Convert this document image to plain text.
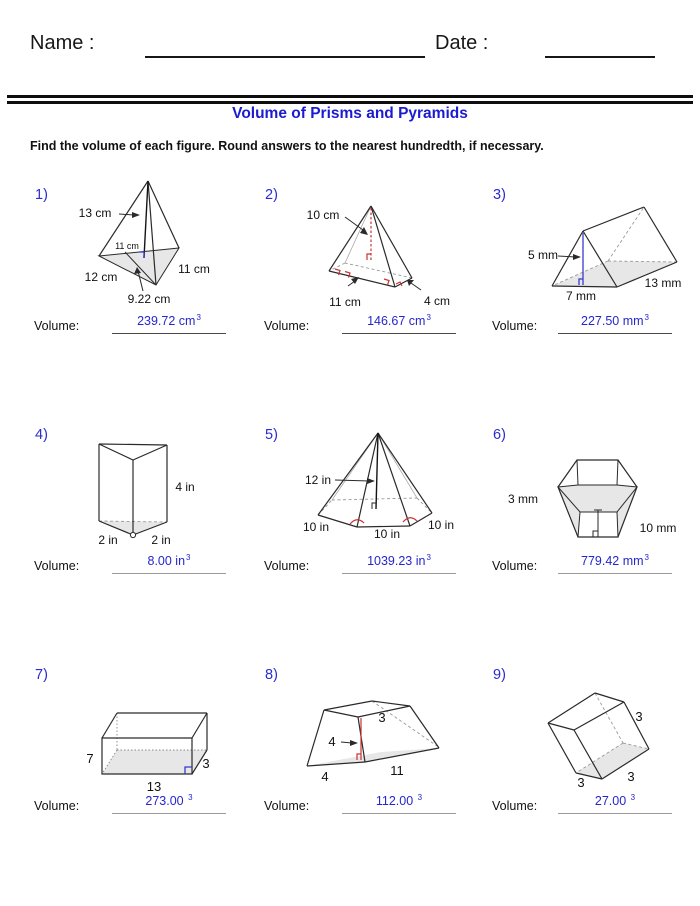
Name :	Date :
Volume of Prisms and Pyramids
Find the volume of each figure. Round answers to the nearest hundredth, if necessary.
1)
13 cm
11 cm
12 cm
11 cm
9.22 cm
Volume:	239.72 $cm^3$
2)
10 cm
11 cm	4 cm
Volume:	146.67 $cm^3$
3)
5 mm
7 mm
13 mm
Volume:	227.50 $mm^3$
4)
4 in
2 in	2 in
Volume:	8.00 $in^3$
5)
12 in
10 in	10 in
10 in
Volume:	1039.23 $in^3$
6)
3 mm
10 mm
Volume:	779.42 $mm^3$
7)
7
13
3
Volume:	273.00 $^3$
8)
3
4
4	11
Volume:	112.00 $^3$
9)
3
3	3
Volume:	27.00 $^3$
